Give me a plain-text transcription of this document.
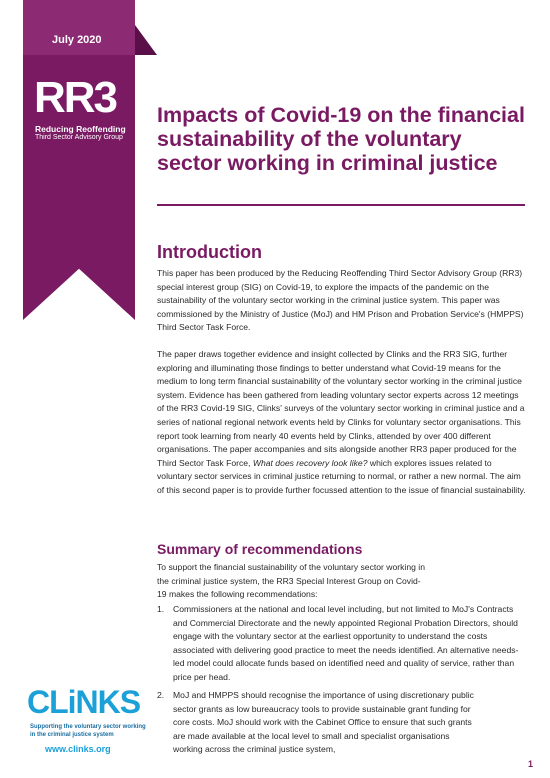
July 2020
RR3
Reducing Reoffending
Third Sector Advisory Group
Impacts of Covid-19 on the financial sustainability of the voluntary sector working in criminal justice
Introduction

This paper has been produced by the Reducing Reoffending Third Sector Advisory Group (RR3) special interest group (SIG) on Covid-19, to explore the impacts of the pandemic on the sustainability of the voluntary sector working in the criminal justice system. This paper was commissioned by the Ministry of Justice (MoJ) and HM Prison and Probation Service's (HMPPS) Third Sector Task Force.

The paper draws together evidence and insight collected by Clinks and the RR3 SIG, further exploring and illuminating those findings to better understand what Covid-19 means for the medium to long term financial sustainability of the voluntary sector working in the criminal justice system. Evidence has been gathered from leading voluntary sector experts across 12 meetings of the RR3 Covid-19 SIG, Clinks' surveys of the voluntary sector working in criminal justice and a series of national regional network events held by Clinks for voluntary sector organisations. This report took learning from nearly 40 events held by Clinks, attended by over 400 different organisations. The paper accompanies and sits alongside another RR3 paper produced for the Third Sector Task Force, What does recovery look like? which explores issues related to voluntary sector services in criminal justice returning to normal, or rather a new normal. The aim of this second paper is to provide further focussed attention to the issue of financial sustainability.

Summary of recommendations

To support the financial sustainability of the voluntary sector working in the criminal justice system, the RR3 Special Interest Group on Covid-19 makes the following recommendations:

1. Commissioners at the national and local level including, but not limited to MoJ's Contracts and Commercial Directorate and the newly appointed Regional Probation Directors, should engage with the voluntary sector at the earliest opportunity to understand the costs associated with delivering good practice to meet the needs identified. An alternative needs-led model could allocate funds based on identified need and quality of service, rather than price per head.
2. MoJ and HMPPS should recognise the importance of using discretionary public sector grants as low bureaucracy tools to provide sustainable grant funding for core costs. MoJ should work with the Cabinet Office to ensure that such grants are made available at the local level to small and specialist organisations working across the criminal justice system,
CLiNKS
Supporting the voluntary sector working in the criminal justice system
www.clinks.org
1
